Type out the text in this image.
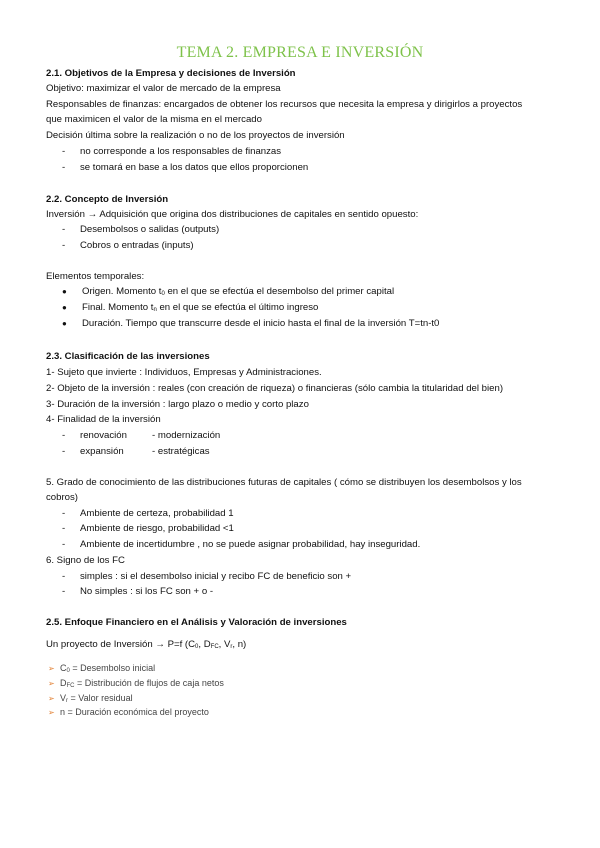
TEMA 2. EMPRESA E INVERSIÓN
2.1. Objetivos de la Empresa y decisiones de Inversión
Objetivo: maximizar el valor de mercado de la empresa
Responsables de finanzas: encargados de obtener los recursos que necesita la empresa y dirigirlos a proyectos
que maximicen el valor de la misma en el mercado
Decisión última sobre la realización o no de los proyectos de inversión
- no corresponde a los responsables de finanzas
- se tomará en base a los datos que ellos proporcionen
2.2. Concepto de Inversión
Inversión → Adquisición que origina dos distribuciones de capitales en sentido opuesto:
- Desembolsos o salidas (outputs)
- Cobros o entradas (inputs)
Elementos temporales:
● Origen. Momento $t_0$ en el que se efectúa el desembolso del primer capital
● Final. Momento $t_n$ en el que se efectúa el último ingreso
● Duración. Tiempo que transcurre desde el inicio hasta el final de la inversión T=tn-t0
2.3. Clasificación de las inversiones
1- Sujeto que invierte : Individuos, Empresas y Administraciones.
2- Objeto de la inversión : reales (con creación de riqueza) o financieras (sólo cambia la titularidad del bien)
3- Duración de la inversión : largo plazo o medio y corto plazo
4- Finalidad de la inversión
- renovación	- modernización
- expansión	- estratégicas
5. Grado de conocimiento de las distribuciones futuras de capitales ( cómo se distribuyen los desembolsos y los
cobros)
- Ambiente de certeza, probabilidad 1
- Ambiente de riesgo, probabilidad <1
- Ambiente de incertidumbre , no se puede asignar probabilidad, hay inseguridad.
6. Signo de los FC
- simples : si el desembolso inicial y recibo FC de beneficio son +
- No simples : si los FC son + o -
2.5. Enfoque Financiero en el Análisis y Valoración de inversiones
Un proyecto de Inversión → P=f ($C_0$, $D_{FC}$, $V_r$, n)
➢ $C_0$ = Desembolso inicial
➢ $D_{FC}$ = Distribución de flujos de caja netos
➢ $V_r$ = Valor residual
➢ n = Duración económica del proyecto
